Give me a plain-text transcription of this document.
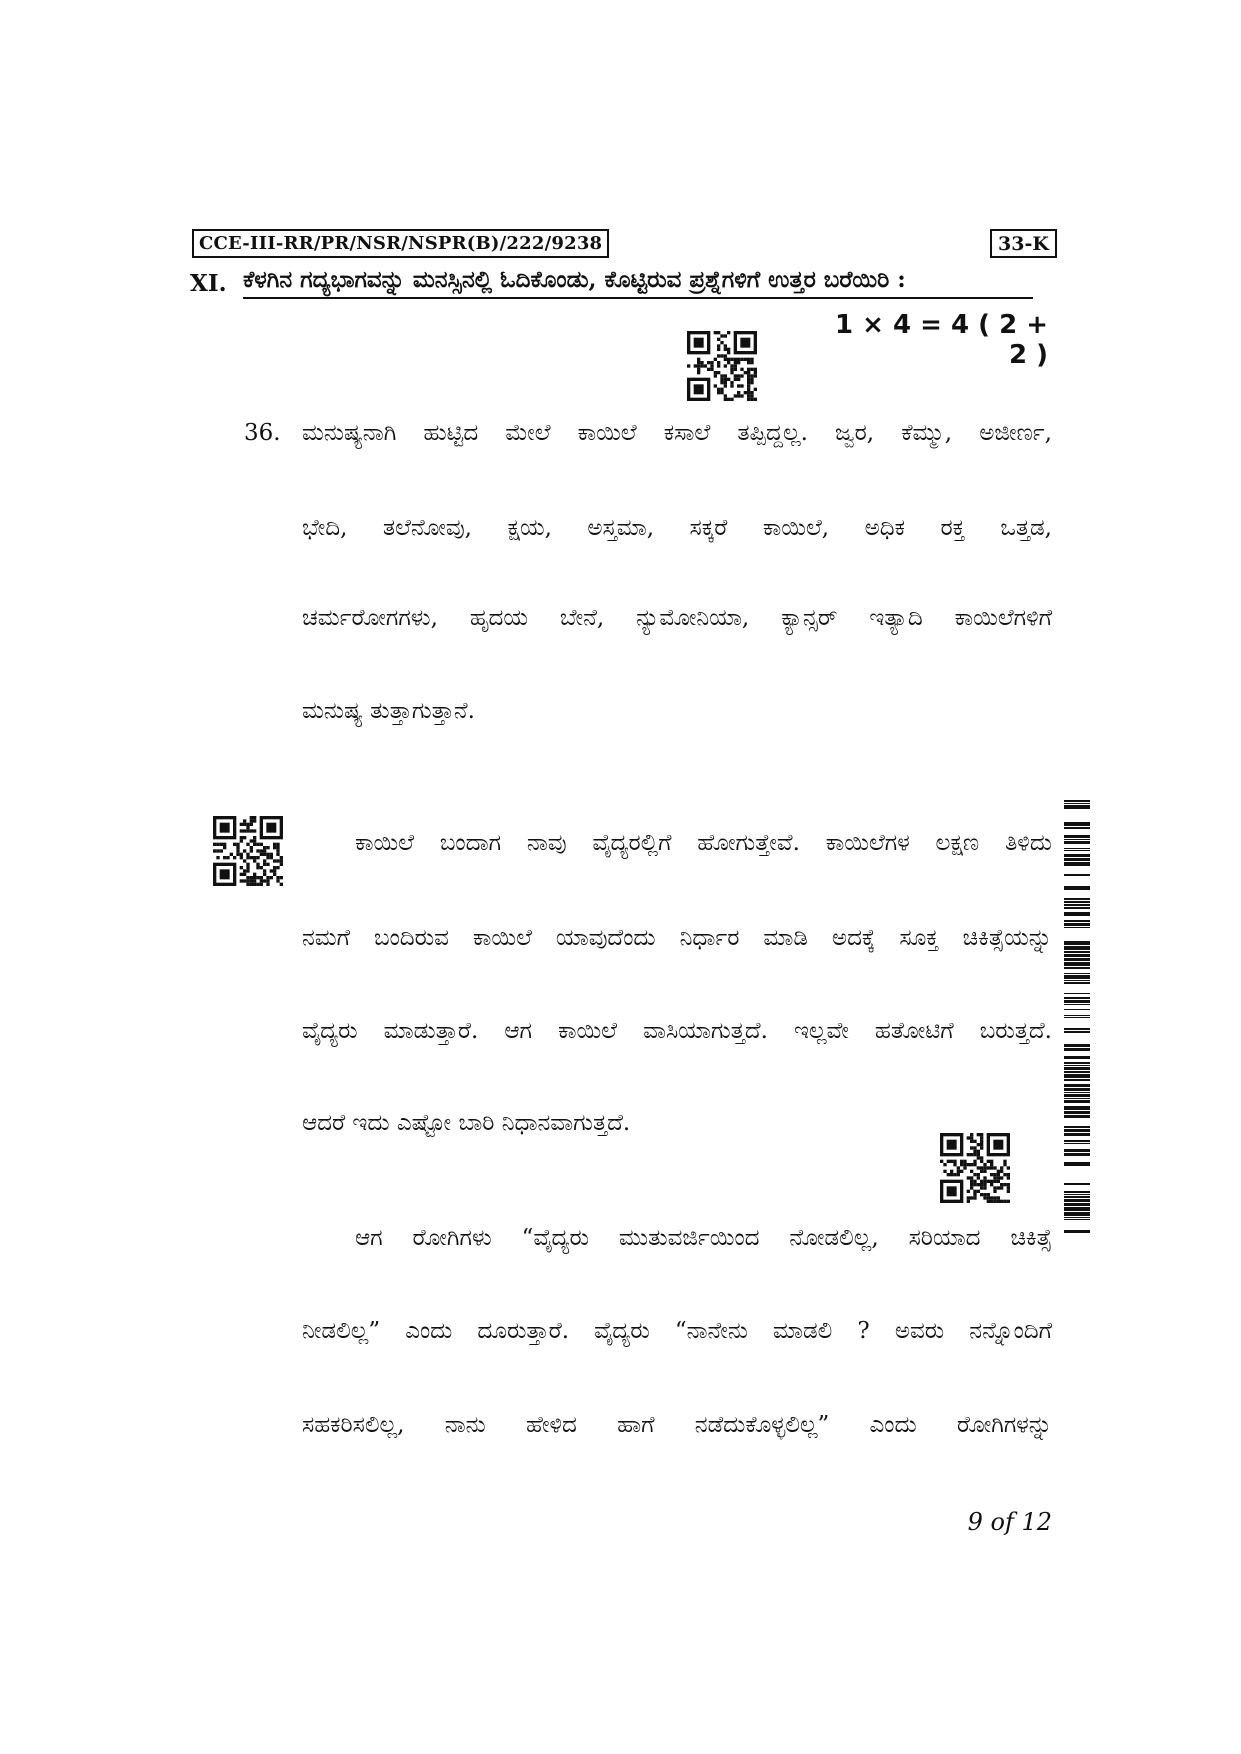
CCE-III-RR/PR/NSR/NSPR(B)/222/9238	33-K
XI. ಕೆಳಗಿನ ಗದ್ಯಭಾಗವನ್ನು ಮನಸ್ಸಿನಲ್ಲಿ ಓದಿಕೊಂಡು, ಕೊಟ್ಟಿರುವ ಪ್ರಶ್ನೆಗಳಿಗೆ ಉತ್ತರ ಬರೆಯಿರಿ :
1 × 4 = 4 ( 2 + 2 )
36. ಮನುಷ್ಯನಾಗಿ ಹುಟ್ಟಿದ ಮೇಲೆ ಕಾಯಿಲೆ ಕಸಾಲೆ ತಪ್ಪಿದ್ದಲ್ಲ. ಜ್ವರ, ಕೆಮ್ಮು, ಅಜೀರ್ಣ,
ಭೇದಿ, ತಲೆನೋವು, ಕ್ಷಯ, ಅಸ್ತಮಾ, ಸಕ್ಕರೆ ಕಾಯಿಲೆ, ಅಧಿಕ ರಕ್ತ ಒತ್ತಡ,
ಚರ್ಮರೋಗಗಳು, ಹೃದಯ ಬೇನೆ, ನ್ಯುಮೋನಿಯಾ, ಕ್ಯಾನ್ಸರ್ ಇತ್ಯಾದಿ ಕಾಯಿಲೆಗಳಿಗೆ
ಮನುಷ್ಯ ತುತ್ತಾಗುತ್ತಾನೆ.
ಕಾಯಿಲೆ ಬಂದಾಗ ನಾವು ವೈದ್ಯರಲ್ಲಿಗೆ ಹೋಗುತ್ತೇವೆ. ಕಾಯಿಲೆಗಳ ಲಕ್ಷಣ ತಿಳಿದು
ನಮಗೆ ಬಂದಿರುವ ಕಾಯಿಲೆ ಯಾವುದೆಂದು ನಿರ್ಧಾರ ಮಾಡಿ ಅದಕ್ಕೆ ಸೂಕ್ತ ಚಿಕಿತ್ಸೆಯನ್ನು
ವೈದ್ಯರು ಮಾಡುತ್ತಾರೆ. ಆಗ ಕಾಯಿಲೆ ವಾಸಿಯಾಗುತ್ತದೆ. ಇಲ್ಲವೇ ಹತೋಟಿಗೆ ಬರುತ್ತದೆ.
ಆದರೆ ಇದು ಎಷ್ಟೋ ಬಾರಿ ನಿಧಾನವಾಗುತ್ತದೆ.
ಆಗ ರೋಗಿಗಳು “ವೈದ್ಯರು ಮುತುವರ್ಜಿಯಿಂದ ನೋಡಲಿಲ್ಲ, ಸರಿಯಾದ ಚಿಕಿತ್ಸೆ
ನೀಡಲಿಲ್ಲ” ಎಂದು ದೂರುತ್ತಾರೆ. ವೈದ್ಯರು “ನಾನೇನು ಮಾಡಲಿ ? ಅವರು ನನ್ನೊಂದಿಗೆ
ಸಹಕರಿಸಲಿಲ್ಲ, ನಾನು ಹೇಳಿದ ಹಾಗೆ ನಡೆದುಕೊಳ್ಳಲಿಲ್ಲ” ಎಂದು ರೋಗಿಗಳನ್ನು
9 of 12
